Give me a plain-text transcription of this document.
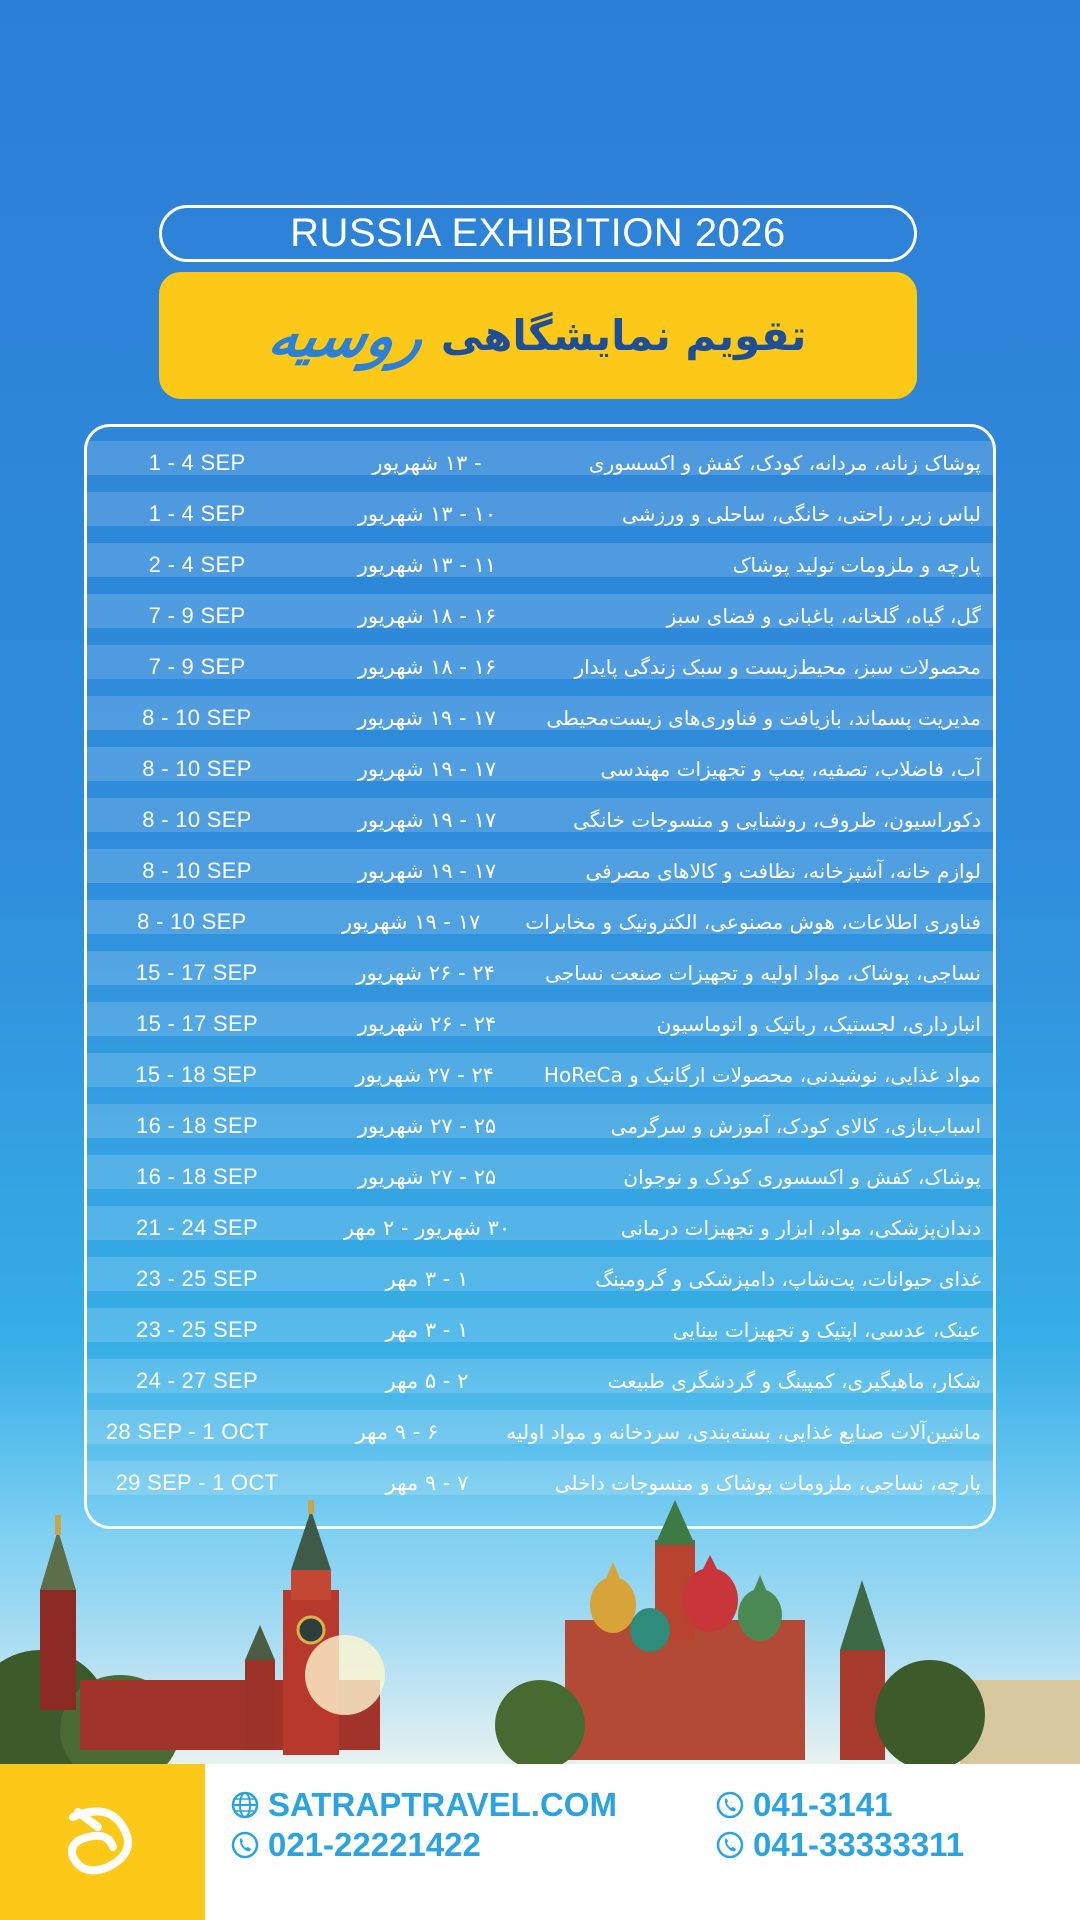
RUSSIA EXHIBITION 2026
تقویم نمایشگاهی
روسیه
1 - 4 SEP	- ۱۳ شهریور	پوشاک زنانه، مردانه، کودک، کفش و اکسسوری
1 - 4 SEP	۱۰ - ۱۳ شهریور	لباس زیر، راحتی، خانگی، ساحلی و ورزشی
2 - 4 SEP	۱۱ - ۱۳ شهریور	پارچه و ملزومات تولید پوشاک
7 - 9 SEP	۱۶ - ۱۸ شهریور	گل، گیاه، گلخانه، باغبانی و فضای سبز
7 - 9 SEP	۱۶ - ۱۸ شهریور	محصولات سبز، محیط‌زیست و سبک زندگی پایدار
8 - 10 SEP	۱۷ - ۱۹ شهریور	مدیریت پسماند، بازیافت و فناوری‌های زیست‌محیطی
8 - 10 SEP	۱۷ - ۱۹ شهریور	آب، فاضلاب، تصفیه، پمپ و تجهیزات مهندسی
8 - 10 SEP	۱۷ - ۱۹ شهریور	دکوراسیون، ظروف، روشنایی و منسوجات خانگی
8 - 10 SEP	۱۷ - ۱۹ شهریور	لوازم خانه، آشپزخانه، نظافت و کالاهای مصرفی
8 - 10 SEP	۱۷ - ۱۹ شهریور	فناوری اطلاعات، هوش مصنوعی، الکترونیک و مخابرات
15 - 17 SEP	۲۴ - ۲۶ شهریور	نساجی، پوشاک، مواد اولیه و تجهیزات صنعت نساجی
15 - 17 SEP	۲۴ - ۲۶ شهریور	انبارداری، لجستیک، رباتیک و اتوماسیون
15 - 18 SEP	۲۴ - ۲۷ شهریور	مواد غذایی، نوشیدنی، محصولات ارگانیک و HoReCa
16 - 18 SEP	۲۵ - ۲۷ شهریور	اسباب‌بازی، کالای کودک، آموزش و سرگرمی
16 - 18 SEP	۲۵ - ۲۷ شهریور	پوشاک، کفش و اکسسوری کودک و نوجوان
21 - 24 SEP	۳۰ شهریور - ۲ مهر	دندان‌پزشکی، مواد، ابزار و تجهیزات درمانی
23 - 25 SEP	۱ - ۳ مهر	غذای حیوانات، پت‌شاپ، دامپزشکی و گرومینگ
23 - 25 SEP	۱ - ۳ مهر	عینک، عدسی، اپتیک و تجهیزات بینایی
24 - 27 SEP	۲ - ۵ مهر	شکار، ماهیگیری، کمپینگ و گردشگری طبیعت
28 SEP - 1 OCT	۶ - ۹ مهر	ماشین‌آلات صنایع غذایی، بسته‌بندی، سردخانه و مواد اولیه
29 SEP - 1 OCT	۷ - ۹ مهر	پارچه، نساجی، ملزومات پوشاک و منسوجات داخلی
SATRAPTRAVEL.COM
021-22221422
041-3141
041-33333311
